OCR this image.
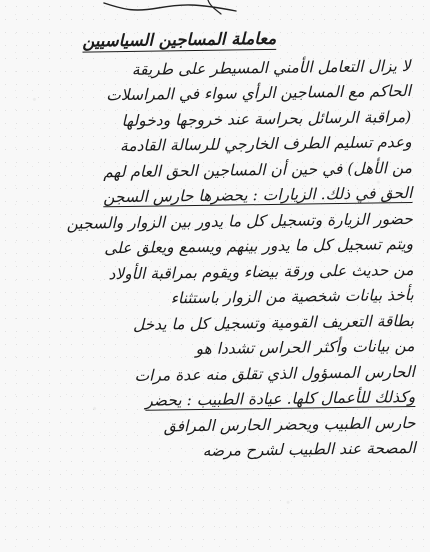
معاملة المساجين السياسيين
لا يزال التعامل الأمني المسيطر على طريقة
الحاكم مع المساجين الرأي سواء في المراسلات
(مراقبة الرسائل بحراسة عند خروجها ودخولها
وعدم تسليم الطرف الخارجي للرسالة القادمة
من الأهل) في حين أن المساجين الحق العام لهم
الحق في ذلك. الزيارات : يحضرها حارس السجن
حضور الزيارة وتسجيل كل ما يدور بين الزوار والسجين
ويتم تسجيل كل ما يدور بينهم ويسمع ويعلق على
من حديث على ورقة بيضاء ويقوم بمراقبة الأولاد
بأخذ بيانات شخصية من الزوار باستثناء
بطاقة التعريف القومية وتسجيل كل ما يدخل
من بيانات وأكثر الحراس تشددا هو
الحارس المسؤول الذي تقلق منه عدة مرات
وكذلك للأعمال كلها. عيادة الطبيب : يحضر
حارس الطبيب ويحضر الحارس المرافق
المصحة عند الطبيب لشرح مرضه
